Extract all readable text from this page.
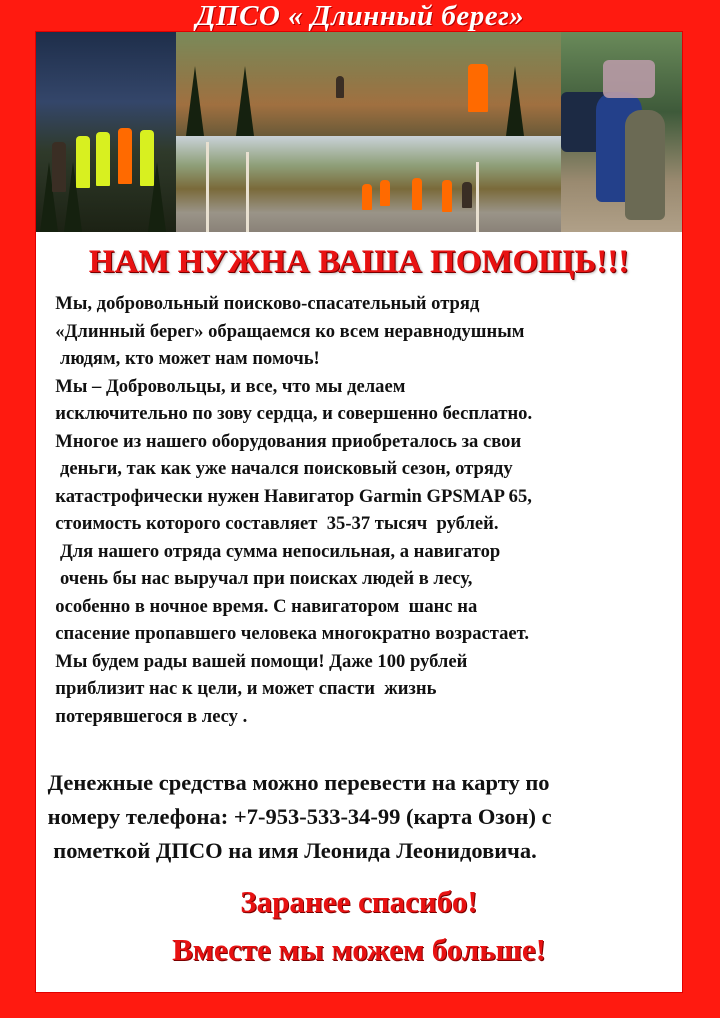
ДПСО « Длинный берег»
НАМ НУЖНА ВАША ПОМОЩЬ!!!
Мы, добровольный поисково-спасательный отряд
«Длинный берег» обращаемся ко всем неравнодушным
людям, кто может нам помочь!
Мы – Добровольцы, и все, что мы делаем
исключительно по зову сердца, и совершенно бесплатно.
Многое из нашего оборудования приобреталось за свои
деньги, так как уже начался поисковый сезон, отряду
катастрофически нужен Навигатор Garmin GPSMAP 65,
стоимость которого составляет  35-37 тысяч  рублей.
Для нашего отряда сумма непосильная, а навигатор
очень бы нас выручал при поисках людей в лесу,
особенно в ночное время. С навигатором  шанс на
спасение пропавшего человека многократно возрастает.
Мы будем рады вашей помощи! Даже 100 рублей
приблизит нас к цели, и может спасти  жизнь
потерявшегося в лесу .
Денежные средства можно перевести на карту по
номеру телефона: +7-953-533-34-99 (карта Озон) с
пометкой ДПСО на имя Леонида Леонидовича.
Заранее спасибо!
Вместе мы можем больше!
